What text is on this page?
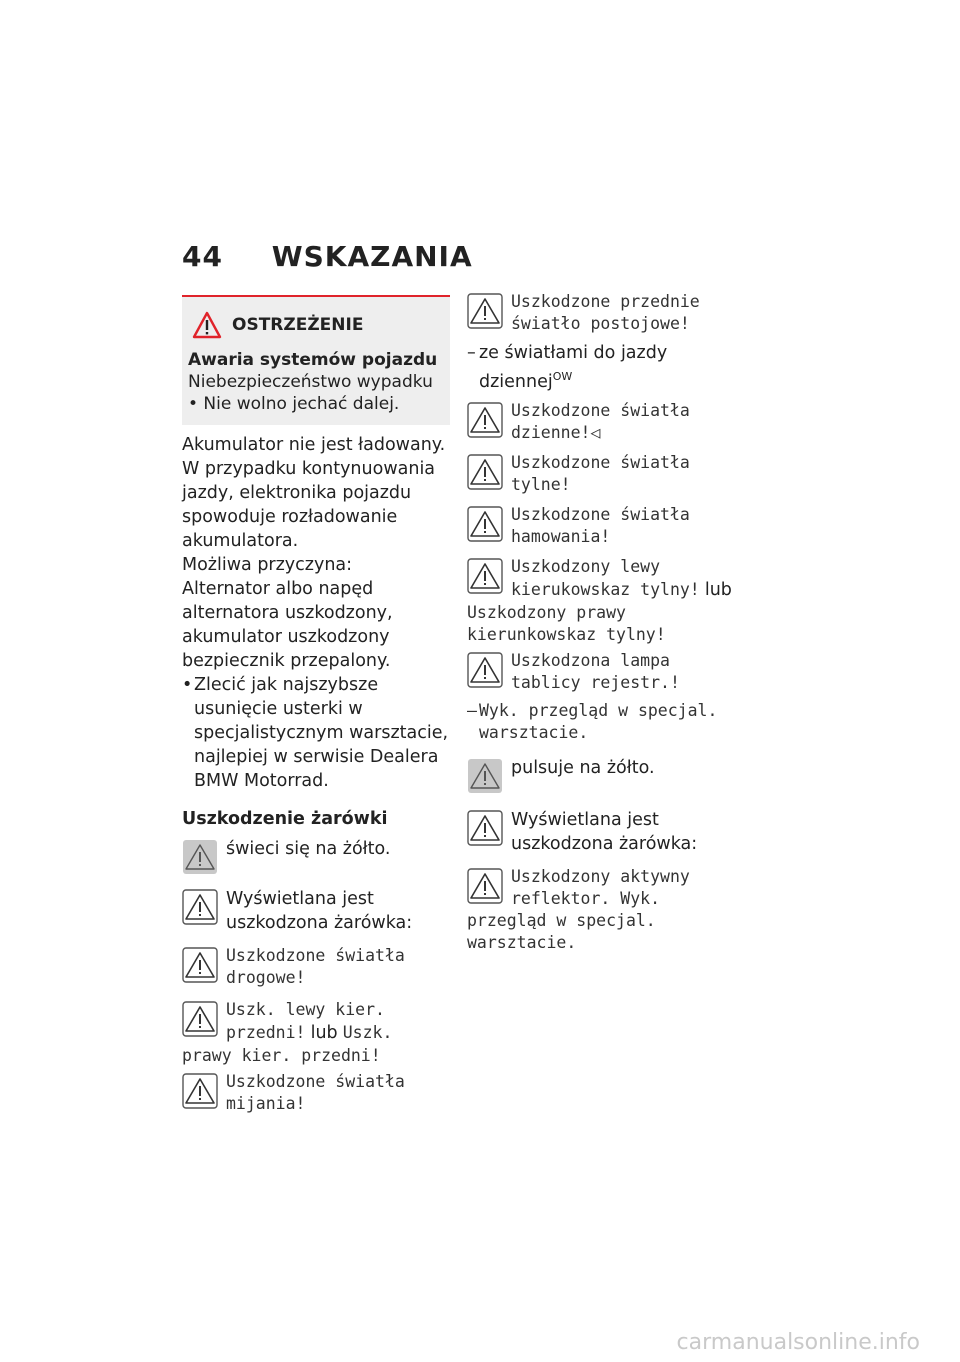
44 WSKAZANIA
OSTRZEŻENIE
Awaria systemów pojazdu
Niebezpieczeństwo wypadku
• Nie wolno jechać dalej.

Akumulator nie jest ładowany. W przypadku kontynuowania jazdy, elektronika pojazdu spowoduje rozładowanie akumulatora.

Możliwa przyczyna:

Alternator albo napęd alternatora uszkodzony, akumulator uszkodzony bezpiecznik przepalony.

• Zlecić jak najszybsze usunięcie usterki w specjalistycznym warsztacie, najlepiej w serwisie Dealera BMW Motorrad.

Uszkodzenie żarówki

świeci się na żółto.
Wyświetlana jest uszkodzona żarówka:
Uszkodzone światła drogowe!
Uszk. lewy kier.
przedni! lub Uszk.
prawy kier. przedni!
Uszkodzone światła mijania!
Uszkodzone przednie światło postojowe!
– ze światłami do jazdy dziennej$^{OW}$
Uszkodzone światła dzienne!◁
Uszkodzone światła tylne!
Uszkodzone światła hamowania!
Uszkodzony lewy kierukowskaz tylny! lub
Uszkodzony prawy kierunkowskaz tylny!
Uszkodzona lampa tablicy rejestr.!
– Wyk. przegląd w specjal. warsztacie.
pulsuje na żółto.
Wyświetlana jest uszkodzona żarówka:
Uszkodzony aktywny reflektor. Wyk.
przegląd w specjal. warsztacie.
carmanualsonline.info
